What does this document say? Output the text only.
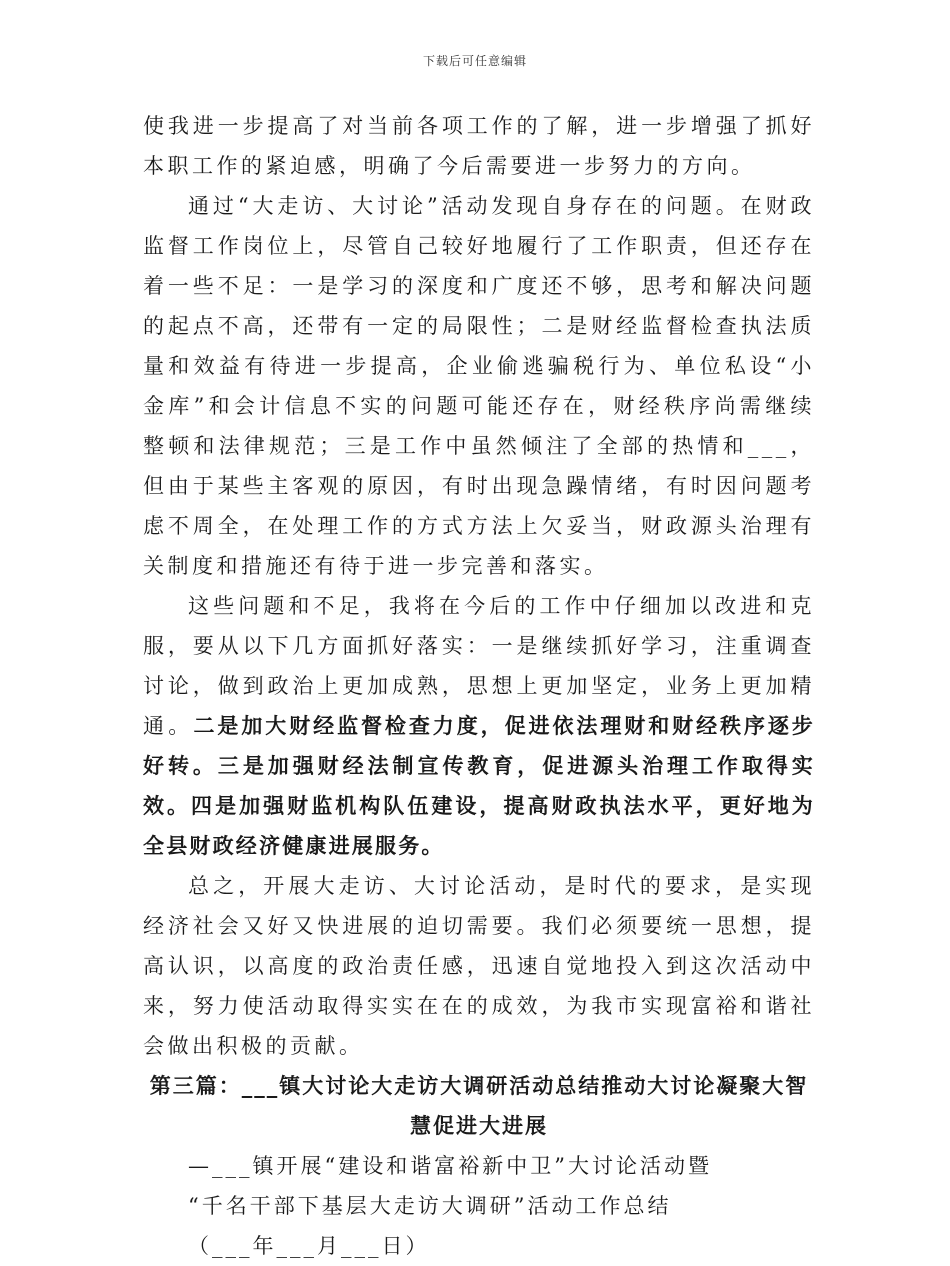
下载后可任意编辑

使我进一步提高了对当前各项工作的了解，进一步增强了抓好本职工作的紧迫感，明确了今后需要进一步努力的方向。

通过“大走访、大讨论”活动发现自身存在的问题。在财政监督工作岗位上，尽管自己较好地履行了工作职责，但还存在着一些不足：一是学习的深度和广度还不够，思考和解决问题的起点不高，还带有一定的局限性；二是财经监督检查执法质量和效益有待进一步提高，企业偷逃骗税行为、单位私设“小金库”和会计信息不实的问题可能还存在，财经秩序尚需继续整顿和法律规范；三是工作中虽然倾注了全部的热情和___，但由于某些主客观的原因，有时出现急躁情绪，有时因问题考虑不周全，在处理工作的方式方法上欠妥当，财政源头治理有关制度和措施还有待于进一步完善和落实。

这些问题和不足，我将在今后的工作中仔细加以改进和克服，要从以下几方面抓好落实：一是继续抓好学习，注重调查讨论，做到政治上更加成熟，思想上更加坚定，业务上更加精通。二是加大财经监督检查力度，促进依法理财和财经秩序逐步好转。三是加强财经法制宣传教育，促进源头治理工作取得实效。四是加强财监机构队伍建设，提高财政执法水平，更好地为全县财政经济健康进展服务。

总之，开展大走访、大讨论活动，是时代的要求，是实现经济社会又好又快进展的迫切需要。我们必须要统一思想，提高认识，以高度的政治责任感，迅速自觉地投入到这次活动中来，努力使活动取得实实在在的成效，为我市实现富裕和谐社会做出积极的贡献。

第三篇：___镇大讨论大走访大调研活动总结推动大讨论凝聚大智
慧促进大进展
—___镇开展“建设和谐富裕新中卫”大讨论活动暨
“千名干部下基层大走访大调研”活动工作总结
（___年___月___日）
